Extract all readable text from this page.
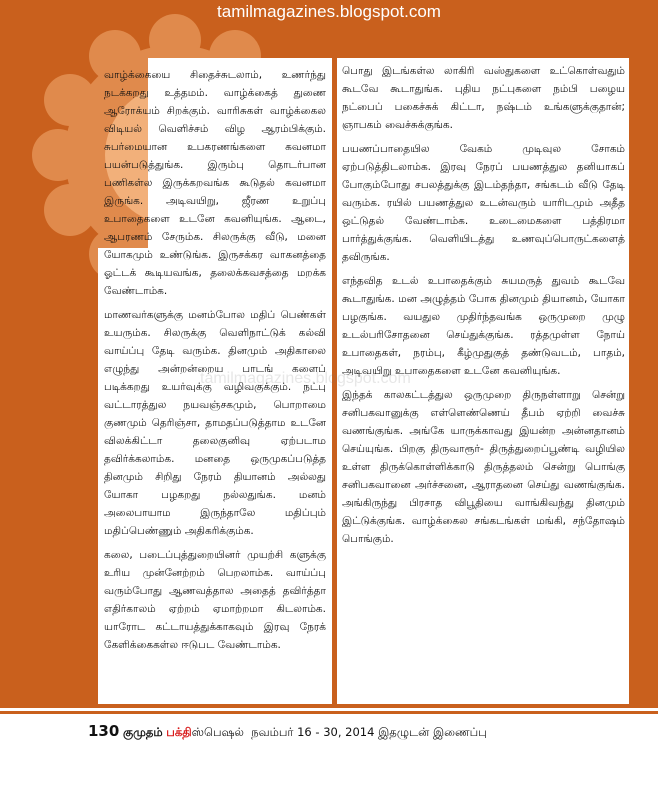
tamilmagazines.blogspot.com
tamilmagazines.blogspot.com

வாழ்க்கையை சிதைச்சுடலாம், உணர்ந்து நடக்கறது உத்தமம். வாழ்க்கைத் துணை ஆரோக்யம் சிறக்கும். வாரிசுகள் வாழ்க்கைல விடியல் வெளிச்சம் விழ ஆரம்பிக்கும். சுபர்மையான உபகரணங்களை கவனமா பயன்படுத்துங்க. இரும்பு தொடர்பான பணிகள்ல இருக்கறவங்க கூடுதல் கவனமா இருங்க. அடிவயிறு, ஜீரண உறுப்பு உபாதைகளை உடனே கவனியுங்க. ஆடை, ஆபரணம் சேரும்க. சிலருக்கு வீடு, மனை யோகமும் உண்டுங்க. இருசக்கர வாகனத்தை ஓட்டக் கூடியவங்க, தலைக்கவசத்தை மறக்க வேண்டாம்க.

மாணவர்களுக்கு மனம்போல மதிப் பெண்கள் உயரும்க. சிலருக்கு வெளிநாட்டுக் கல்வி வாய்ப்பு தேடி வரும்க. தினமும் அதிகாலை எழுந்து அன்றன்றைய பாடங் களைப் படிக்கறது உயர்வுக்கு வழிவகுக்கும். நட்பு வட்டாரத்துல நயவஞ்சகமும், பொறாமை குணமும் தெரிஞ்சா, தாமதப்படுத்தாம உடனே விலக்கிட்டா தலைகுனிவு ஏற்படாம தவிர்க்கலாம்க. மனதை ஒருமுகப்படுத்த தினமும் சிறிது நேரம் தியானம் அல்லது யோகா பழகறது நல்லதுங்க. மனம் அலைபாயாம இருந்தாலே மதிப்பும் மதிப்பெண்ணும் அதிகரிக்கும்க.

கலை, படைப்புத்துறையினர் முயற்சி களுக்கு உரிய முன்னேற்றம் பெறலாம்க. வாய்ப்பு வரும்போது ஆணவத்தால அதைத் தவிர்த்தா எதிர்காலம் ஏற்றம் ஏமாற்றமா கிடலாம்க. யாரோட கட்டாயத்துக்காகவும் இரவு நேரக் கேளிக்கைகள்ல ஈடுபட வேண்டாம்க.

பொது இடங்கள்ல லாகிரி வஸ்துகளை உட்கொள்வதும் கூடவே கூடாதுங்க. புதிய நட்புகளை நம்பி பழைய நட்பைப் பகைச்சுக் கிட்டா, நஷ்டம் உங்களுக்குதான்; ஞாபகம் வைச்சுக்குங்க.

பயணப்பாதையில வேகம் முடிவுல சோகம் ஏற்படுத்திடலாம்க. இரவு நேரப் பயணத்துல தனியாகப் போகும்போது சபலத்துக்கு இடம்தந்தா, சங்கடம் வீடு தேடி வரும்க. ரயில் பயணத்துல உடன்வரும் யாரிடமும் அதீத ஒட்டுதல் வேண்டாம்க. உடைமைகளை பத்திரமா பார்த்துக்குங்க. வெளியிடத்து உணவுப்பொருட்களைத் தவிருங்க.

எந்தவித உடல் உபாதைக்கும் சுயமருத் துவம் கூடவே கூடாதுங்க. மன அழுத்தம் போக தினமும் தியானம், யோகா பழகுங்க. வயதுல முதிர்ந்தவங்க ஒருமுறை முழு உடல்பரிசோதனை செய்துக்குங்க. ரத்தமுள்ள நோய் உபாதைகள், நரம்பு, கீழ்முதுகுத் தண்டுவடம், பாதம், அடிவயிறு உபாதைகளை உடனே கவனியுங்க.

இந்தக் காலகட்டத்துல ஒருமுறை திருநள்ளாறு சென்று சனிபகவானுக்கு எள்ளெண்ணெய் தீபம் ஏற்றி வைச்சு வணங்குங்க. அங்கே யாருக்காவது இயன்ற அன்னதானம் செய்யுங்க. பிறகு திருவாரூர்- திருத்துறைப்பூண்டி வழியில உள்ள திருக்கொள்ளிக்காடு திருத்தலம் சென்று பொங்கு சனிபகவானை அர்ச்சனை, ஆராதனை செய்து வணங்குங்க. அங்கிருந்து பிரசாத விபூதியை வாங்கிவந்து தினமும் இட்டுக்குங்க. வாழ்க்கைல சங்கடங்கள் மங்கி, சந்தோஷம் பொங்கும்.

130 குமுதம் பக்திஸ்பெஷல் நவம்பர் 16 - 30, 2014 இதழுடன் இணைப்பு
